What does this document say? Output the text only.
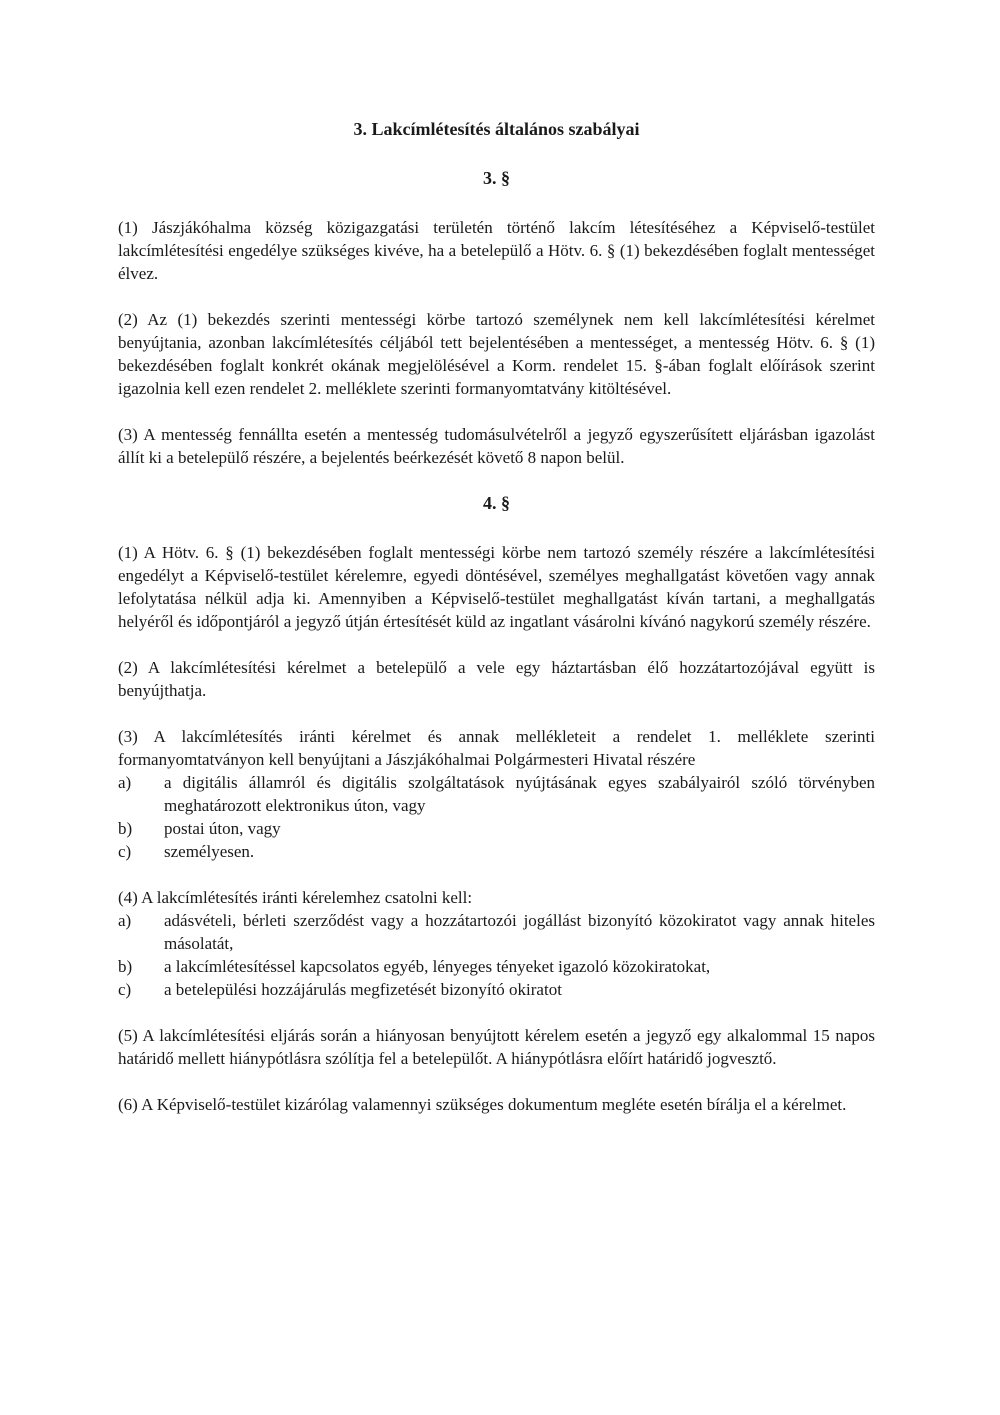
3. Lakcímlétesítés általános szabályai
3. §

(1) Jászjákóhalma község közigazgatási területén történő lakcím létesítéséhez a Képviselő-testület lakcímlétesítési engedélye szükséges kivéve, ha a betelepülő a Hötv. 6. § (1) bekezdésében foglalt mentességet élvez.

(2) Az (1) bekezdés szerinti mentességi körbe tartozó személynek nem kell lakcímlétesítési kérelmet benyújtania, azonban lakcímlétesítés céljából tett bejelentésében a mentességet, a mentesség Hötv. 6. § (1) bekezdésében foglalt konkrét okának megjelölésével a Korm. rendelet 15. §-ában foglalt előírások szerint igazolnia kell ezen rendelet 2. melléklete szerinti formanyomtatvány kitöltésével.

(3) A mentesség fennállta esetén a mentesség tudomásulvételről a jegyző egyszerűsített eljárásban igazolást állít ki a betelepülő részére, a bejelentés beérkezését követő 8 napon belül.

4. §

(1) A Hötv. 6. § (1) bekezdésében foglalt mentességi körbe nem tartozó személy részére a lakcímlétesítési engedélyt a Képviselő-testület kérelemre, egyedi döntésével, személyes meghallgatást követően vagy annak lefolytatása nélkül adja ki. Amennyiben a Képviselő-testület meghallgatást kíván tartani, a meghallgatás helyéről és időpontjáról a jegyző útján értesítését küld az ingatlant vásárolni kívánó nagykorú személy részére.

(2) A lakcímlétesítési kérelmet a betelepülő a vele egy háztartásban élő hozzátartozójával együtt is benyújthatja.

(3) A lakcímlétesítés iránti kérelmet és annak mellékleteit a rendelet 1. melléklete szerinti formanyomtatványon kell benyújtani a Jászjákóhalmai Polgármesteri Hivatal részére

a)	a digitális államról és digitális szolgáltatások nyújtásának egyes szabályairól szóló törvényben meghatározott elektronikus úton, vagy
b)	postai úton, vagy
c)	személyesen.

(4) A lakcímlétesítés iránti kérelemhez csatolni kell:

a)	adásvételi, bérleti szerződést vagy a hozzátartozói jogállást bizonyító közokiratot vagy annak hiteles másolatát,
b)	a lakcímlétesítéssel kapcsolatos egyéb, lényeges tényeket igazoló közokiratokat,
c)	a betelepülési hozzájárulás megfizetését bizonyító okiratot

(5) A lakcímlétesítési eljárás során a hiányosan benyújtott kérelem esetén a jegyző egy alkalommal 15 napos határidő mellett hiánypótlásra szólítja fel a betelepülőt. A hiánypótlásra előírt határidő jogvesztő.

(6) A Képviselő-testület kizárólag valamennyi szükséges dokumentum megléte esetén bírálja el a kérelmet.
